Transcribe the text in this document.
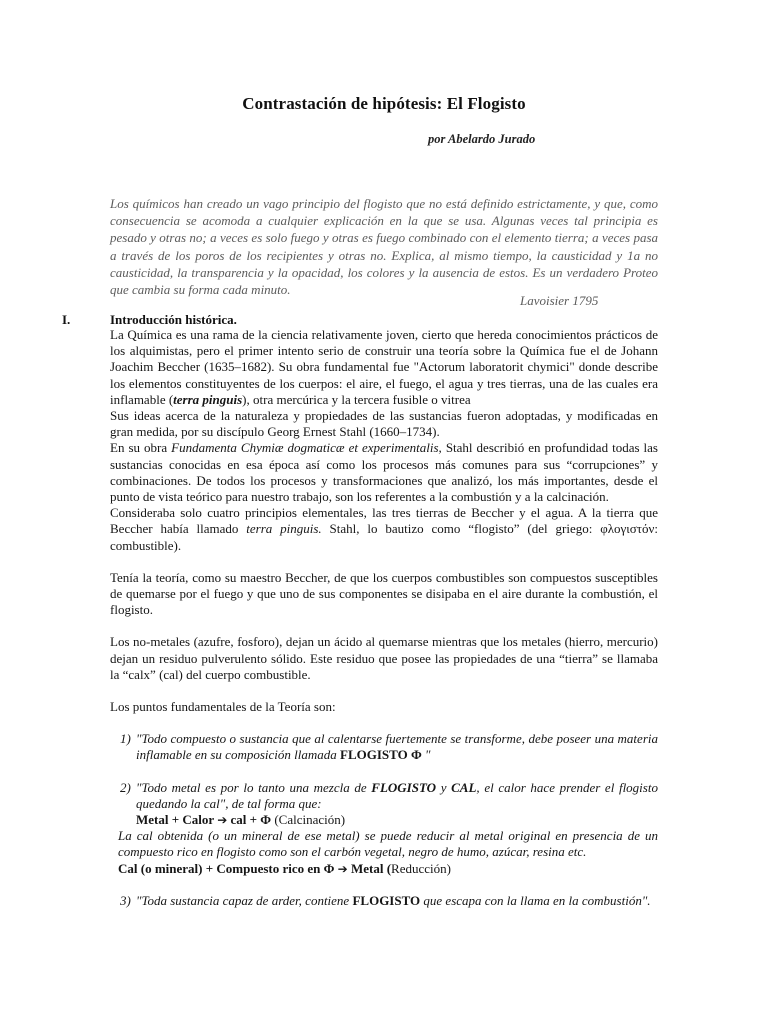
Contrastación de hipótesis: El Flogisto
por Abelardo Jurado
Los químicos han creado un vago principio del flogisto que no está definido estrictamente, y que, como consecuencia se acomoda a cualquier explicación en la que se usa. Algunas veces tal principia es pesado y otras no; a veces es solo fuego y otras es fuego combinado con el elemento tierra; a veces pasa a través de los poros de los recipientes y otras no. Explica, al mismo tiempo, la causticidad y 1a no causticidad, la transparencia y la opacidad, los colores y la ausencia de estos. Es un verdadero Proteo que cambia su forma cada minuto.
Lavoisier 1795
I.	Introducción histórica.

La Química es una rama de la ciencia relativamente joven, cierto que hereda conocimientos prácticos de los alquimistas, pero el primer intento serio de construir una teoría sobre la Química fue el de Johann Joachim Beccher (1635–1682). Su obra fundamental fue "Actorum laboratorit chymici" donde describe los elementos constituyentes de los cuerpos: el aire, el fuego, el agua y tres tierras, una de las cuales era inflamable (terra pinguis), otra mercúrica y la tercera fusible o vitrea

Sus ideas acerca de la naturaleza y propiedades de las sustancias fueron adoptadas, y modificadas en gran medida, por su discípulo Georg Ernest Stahl (1660–1734).

En su obra Fundamenta Chymiæ dogmaticæ et experimentalis, Stahl describió en profundidad todas las sustancias conocidas en esa época así como los procesos más comunes para sus “corrupciones” y combinaciones. De todos los procesos y transformaciones que analizó, los más importantes, desde el punto de vista teórico para nuestro trabajo, son los referentes a la combustión y a la calcinación.

Consideraba solo cuatro principios elementales, las tres tierras de Beccher y el agua. A la tierra que Beccher había llamado terra pinguis. Stahl, lo bautizo como “flogisto” (del griego: φλογιστόν: combustible).

Tenía la teoría, como su maestro Beccher, de que los cuerpos combustibles son compuestos susceptibles de quemarse por el fuego y que uno de sus componentes se disipaba en el aire durante la combustión, el flogisto.

Los no-metales (azufre, fosforo), dejan un ácido al quemarse mientras que los metales (hierro, mercurio) dejan un residuo pulverulento sólido. Este residuo que posee las propiedades de una “tierra” se llamaba la “calx” (cal) del cuerpo combustible.

Los puntos fundamentales de la Teoría son:

1) "Todo compuesto o sustancia que al calentarse fuertemente se transforme, debe poseer una materia inflamable en su composición llamada FLOGISTO Φ "
2) "Todo metal es por lo tanto una mezcla de FLOGISTO y CAL, el calor hace prender el flogisto quedando la cal", de tal forma que:
Metal + Calor ➔ cal + Φ (Calcinación)
La cal obtenida (o un mineral de ese metal) se puede reducir al metal original en presencia de un compuesto rico en flogisto como son el carbón vegetal, negro de humo, azúcar, resina etc.
Cal (o mineral) + Compuesto rico en Φ ➔ Metal (Reducción)
3) "Toda sustancia capaz de arder, contiene FLOGISTO que escapa con la llama en la combustión".
